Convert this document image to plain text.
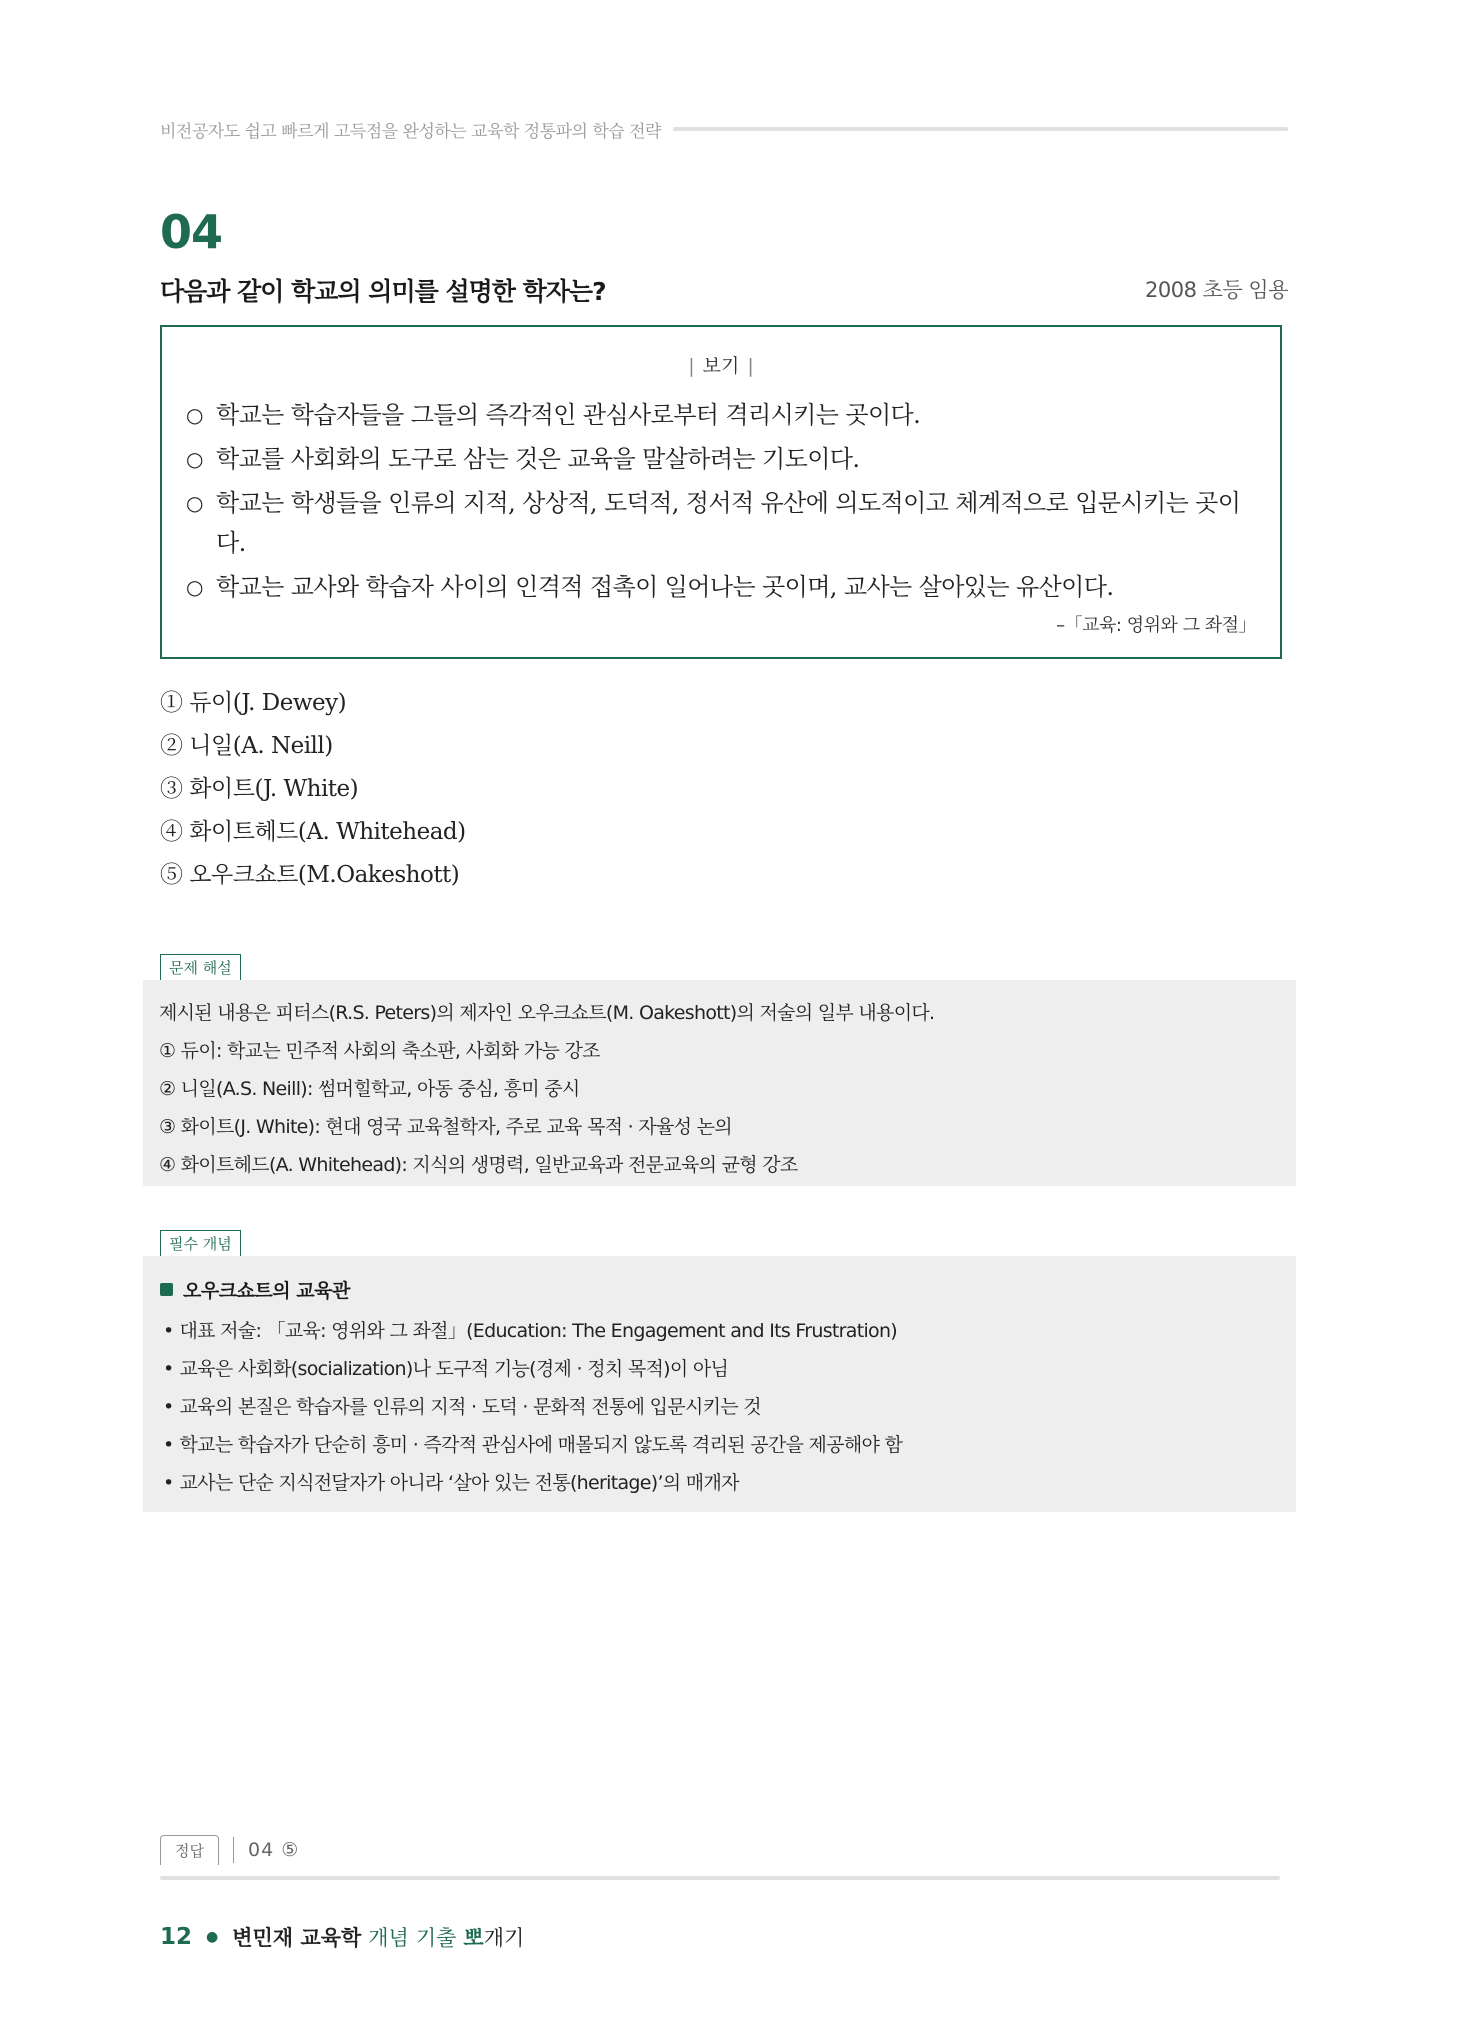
비전공자도 쉽고 빠르게 고득점을 완성하는 교육학 정통파의 학습 전략
04
다음과 같이 학교의 의미를 설명한 학자는?	2008 초등 임용
| 보기 |
○ 학교는 학습자들을 그들의 즉각적인 관심사로부터 격리시키는 곳이다.
○ 학교를 사회화의 도구로 삼는 것은 교육을 말살하려는 기도이다.
○ 학교는 학생들을 인류의 지적, 상상적, 도덕적, 정서적 유산에 의도적이고 체계적으로 입문시키는 곳이다.
○ 학교는 교사와 학습자 사이의 인격적 접촉이 일어나는 곳이며, 교사는 살아있는 유산이다.
–「교육: 영위와 그 좌절」
① 듀이(J. Dewey)
② 니일(A. Neill)
③ 화이트(J. White)
④ 화이트헤드(A. Whitehead)
⑤ 오우크쇼트(M.Oakeshott)
문제 해설
제시된 내용은 피터스(R.S. Peters)의 제자인 오우크쇼트(M. Oakeshott)의 저술의 일부 내용이다.
① 듀이: 학교는 민주적 사회의 축소판, 사회화 가능 강조
② 니일(A.S. Neill): 썸머힐학교, 아동 중심, 흥미 중시
③ 화이트(J. White): 현대 영국 교육철학자, 주로 교육 목적 · 자율성 논의
④ 화이트헤드(A. Whitehead): 지식의 생명력, 일반교육과 전문교육의 균형 강조
필수 개념
오우크쇼트의 교육관
• 대표 저술: 「교육: 영위와 그 좌절」(Education: The Engagement and Its Frustration)
• 교육은 사회화(socialization)나 도구적 기능(경제 · 정치 목적)이 아님
• 교육의 본질은 학습자를 인류의 지적 · 도덕 · 문화적 전통에 입문시키는 것
• 학교는 학습자가 단순히 흥미 · 즉각적 관심사에 매몰되지 않도록 격리된 공간을 제공해야 함
• 교사는 단순 지식전달자가 아니라 ‘살아 있는 전통(heritage)’의 매개자
정답	04 ⑤
12 ● 변민재 교육학 개념 기출 뽀 개기
